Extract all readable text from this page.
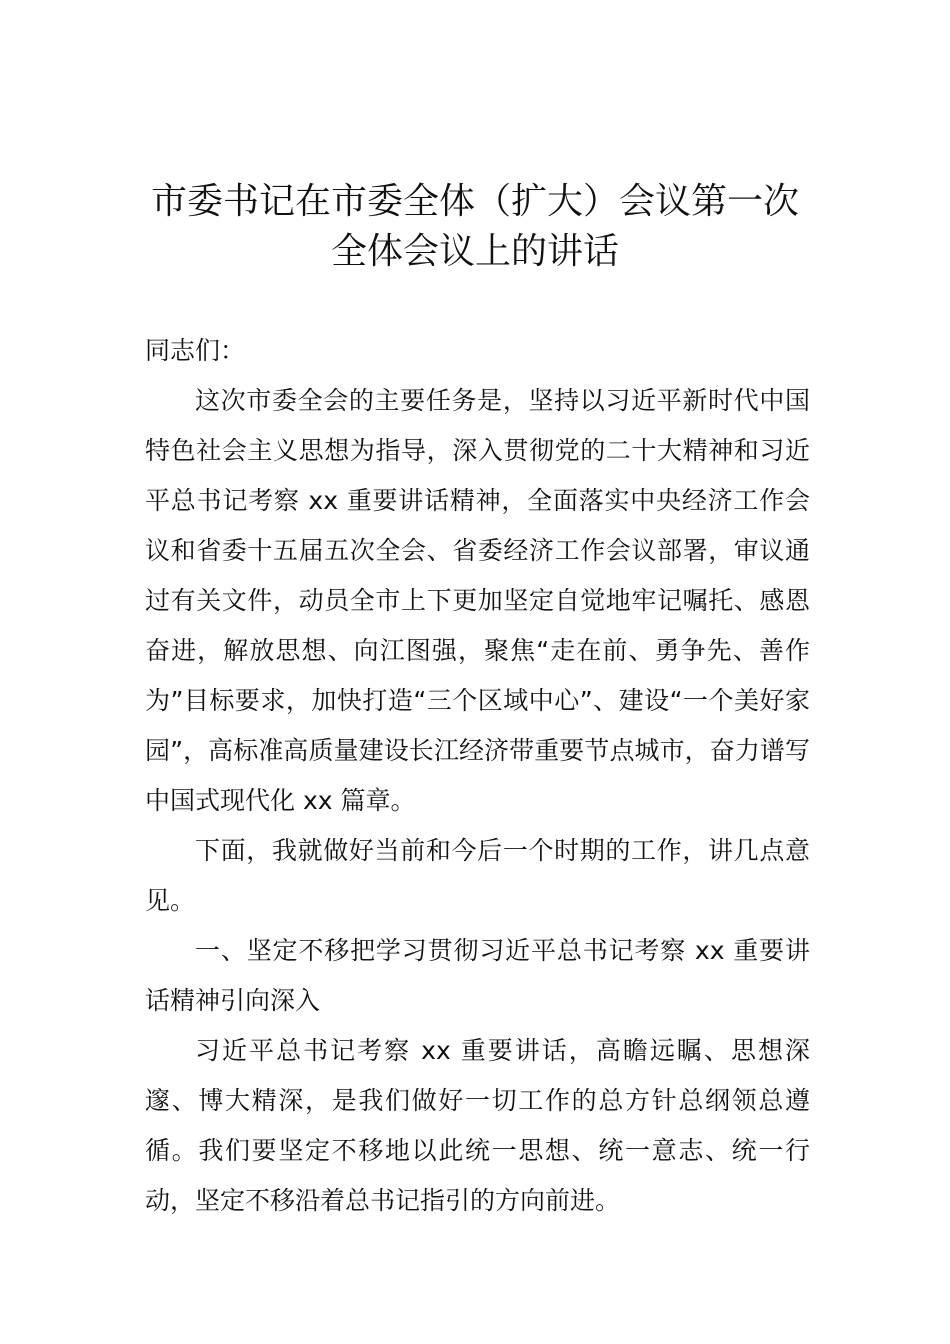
市委书记在市委全体（扩大）会议第一次
全体会议上的讲话

同志们：

这次市委全会的主要任务是，坚持以习近平新时代中国特色社会主义思想为指导，深入贯彻党的二十大精神和习近平总书记考察 xx 重要讲话精神，全面落实中央经济工作会议和省委十五届五次全会、省委经济工作会议部署，审议通过有关文件，动员全市上下更加坚定自觉地牢记嘱托、感恩奋进，解放思想、向江图强，聚焦“走在前、勇争先、善作为”目标要求，加快打造“三个区域中心”、建设“一个美好家园”，高标准高质量建设长江经济带重要节点城市，奋力谱写中国式现代化 xx 篇章。

下面，我就做好当前和今后一个时期的工作，讲几点意见。

一、坚定不移把学习贯彻习近平总书记考察 xx 重要讲话精神引向深入

习近平总书记考察 xx 重要讲话，高瞻远瞩、思想深邃、博大精深，是我们做好一切工作的总方针总纲领总遵循。我们要坚定不移地以此统一思想、统一意志、统一行动，坚定不移沿着总书记指引的方向前进。
